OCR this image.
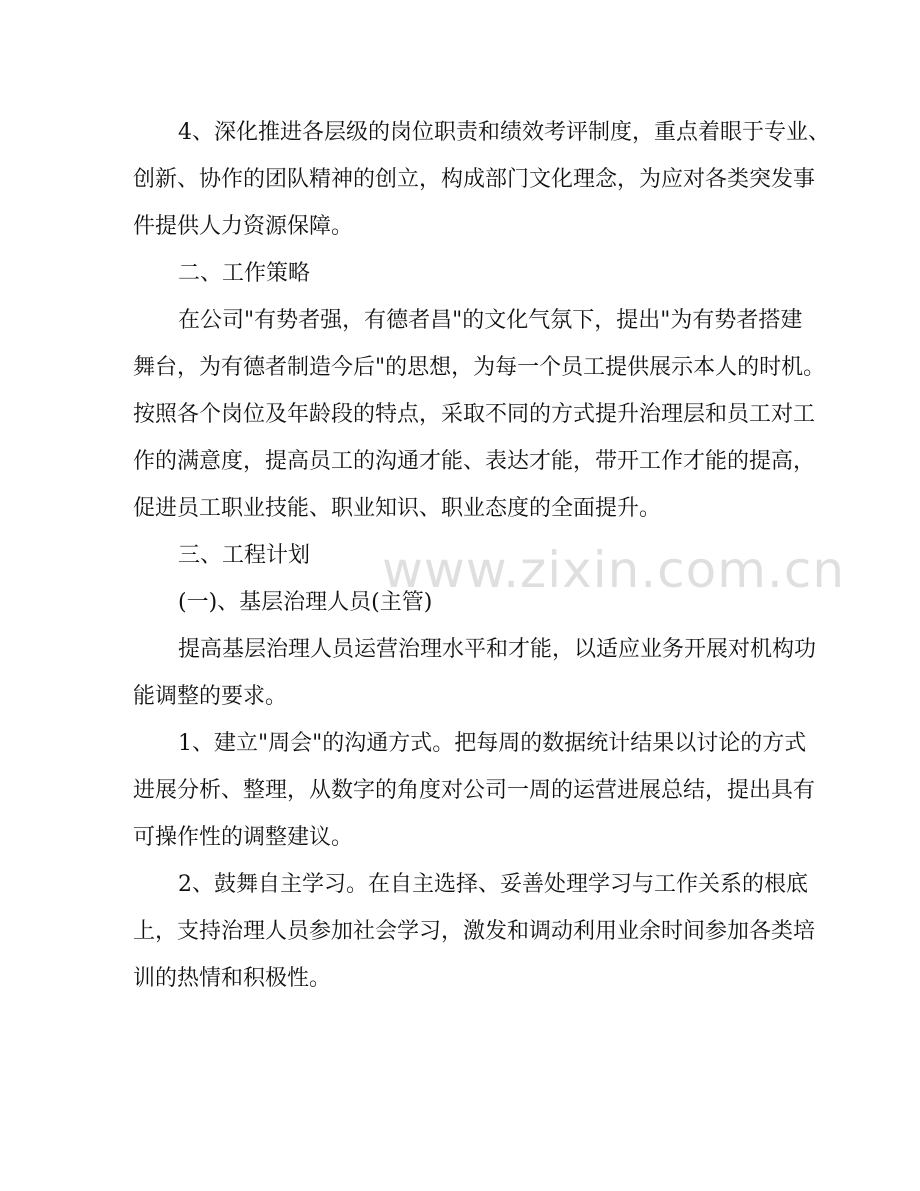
4、深化推进各层级的岗位职责和绩效考评制度，重点着眼于专业、
创新、协作的团队精神的创立，构成部门文化理念，为应对各类突发事
件提供人力资源保障。
二、工作策略
在公司"有势者强，有德者昌"的文化气氛下，提出"为有势者搭建
舞台，为有德者制造今后"的思想，为每一个员工提供展示本人的时机。
按照各个岗位及年龄段的特点，采取不同的方式提升治理层和员工对工
作的满意度，提高员工的沟通才能、表达才能，带开工作才能的提高，
促进员工职业技能、职业知识、职业态度的全面提升。
三、工程计划
(一)、基层治理人员(主管)
提高基层治理人员运营治理水平和才能，以适应业务开展对机构功
能调整的要求。
1、建立"周会"的沟通方式。把每周的数据统计结果以讨论的方式
进展分析、整理，从数字的角度对公司一周的运营进展总结，提出具有
可操作性的调整建议。
2、鼓舞自主学习。在自主选择、妥善处理学习与工作关系的根底
上，支持治理人员参加社会学习，激发和调动利用业余时间参加各类培
训的热情和积极性。
www.zixin.com.cn
